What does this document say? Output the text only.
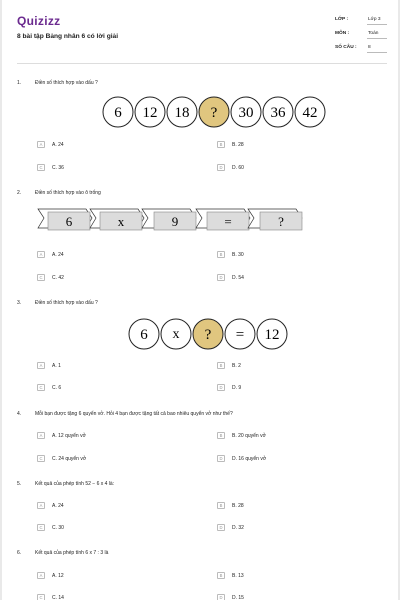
Quizizz
8 bài tập Bảng nhân 6 có lời giải
LỚP :	Lớp 3
MÔN :	Toán
SỐ CÂU : 8
1.	Điền số thích hợp vào dấu ?
6 12 18 ? 30 36 42
A	A. 24	B	B. 28
C	C. 36	D	D. 60
2.	Điền số thích hợp vào ô trống
6	x	9	=	?
A	A. 24	B	B. 30
C	C. 42	D	D. 54
3.	Điền số thích hợp vào dấu ?
6 x ? = 12
A	A. 1	B	B. 2
C	C. 6	D	D. 9
4.	Mỗi bạn được tặng 6 quyển vở. Hỏi 4 bạn được tặng tất cả bao nhiêu quyển vở như thế?
A	A. 12 quyển vở	B	B. 20 quyển vở
C	C. 24 quyển vở	D	D. 16 quyển vở
5.	Kết quả của phép tính 52 − 6 x 4 là:
A	A. 24	B	B. 28
C	C. 30	D	D. 32
6.	Kết quả của phép tính 6 x 7 : 3 là
A	A. 12	B	B. 13
C	C. 14	D	D. 15
